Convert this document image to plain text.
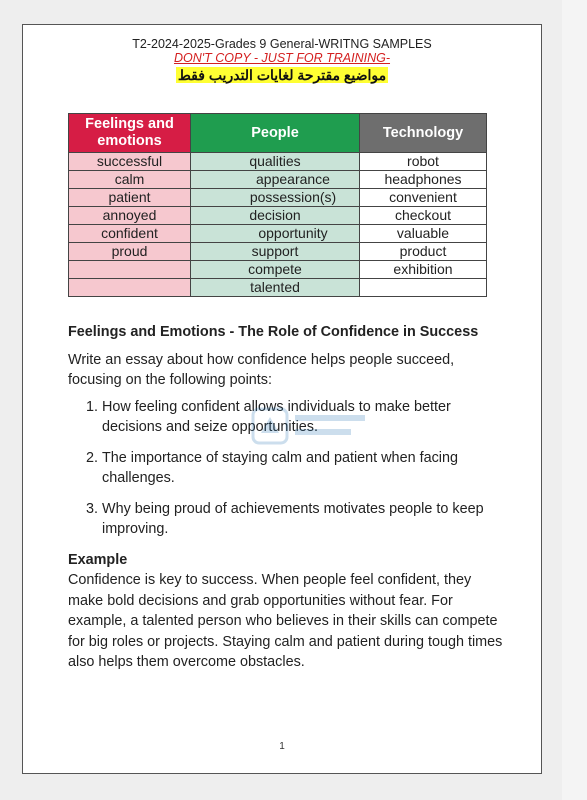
T2-2024-2025-Grades 9 General-WRITNG SAMPLES
DON'T COPY - JUST FOR TRAINING-
مواضيع مقترحة لغايات التدريب فقط
Feelings and emotions	People	Technology
successful	qualities	robot
calm	appearance	headphones
patient	possession(s)	convenient
annoyed	decision	checkout
confident	opportunity	valuable
proud	support	product
	compete	exhibition
	talented	

Feelings and Emotions - The Role of Confidence in Success

Write an essay about how confidence helps people succeed, focusing on the following points:

1. How feeling confident allows individuals to make better decisions and seize opportunities.
2. The importance of staying calm and patient when facing challenges.
3. Why being proud of achievements motivates people to keep improving.

Example

Confidence is key to success. When people feel confident, they make bold decisions and grab opportunities without fear. For example, a talented person who believes in their skills can compete for big roles or projects. Staying calm and patient during tough times also helps them overcome obstacles.

1
